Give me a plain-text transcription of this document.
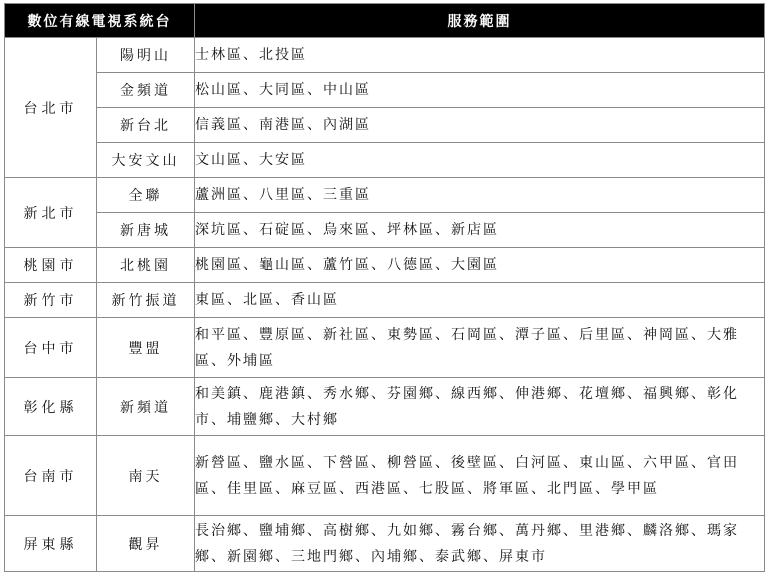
數位有線電視系統台		服務範圍
台北市	陽明山	士林區、北投區
	金頻道	松山區、大同區、中山區
	新台北	信義區、南港區、內湖區
	大安文山	文山區、大安區
新北市	全聯	蘆洲區、八里區、三重區
	新唐城	深坑區、石碇區、烏來區、坪林區、新店區
桃園市	北桃園	桃園區、龜山區、蘆竹區、八德區、大園區
新竹市	新竹振道	東區、北區、香山區
台中市	豐盟	和平區、豐原區、新社區、東勢區、石岡區、潭子區、后里區、神岡區、大雅區、外埔區
彰化縣	新頻道	和美鎮、鹿港鎮、秀水鄉、芬園鄉、線西鄉、伸港鄉、花壇鄉、福興鄉、彰化市、埔鹽鄉、大村鄉
台南市	南天	新營區、鹽水區、下營區、柳營區、後壁區、白河區、東山區、六甲區、官田區、佳里區、麻豆區、西港區、七股區、將軍區、北門區、學甲區
屏東縣	觀昇	長治鄉、鹽埔鄉、高樹鄉、九如鄉、霧台鄉、萬丹鄉、里港鄉、麟洛鄉、瑪家鄉、新園鄉、三地門鄉、內埔鄉、泰武鄉、屏東市
